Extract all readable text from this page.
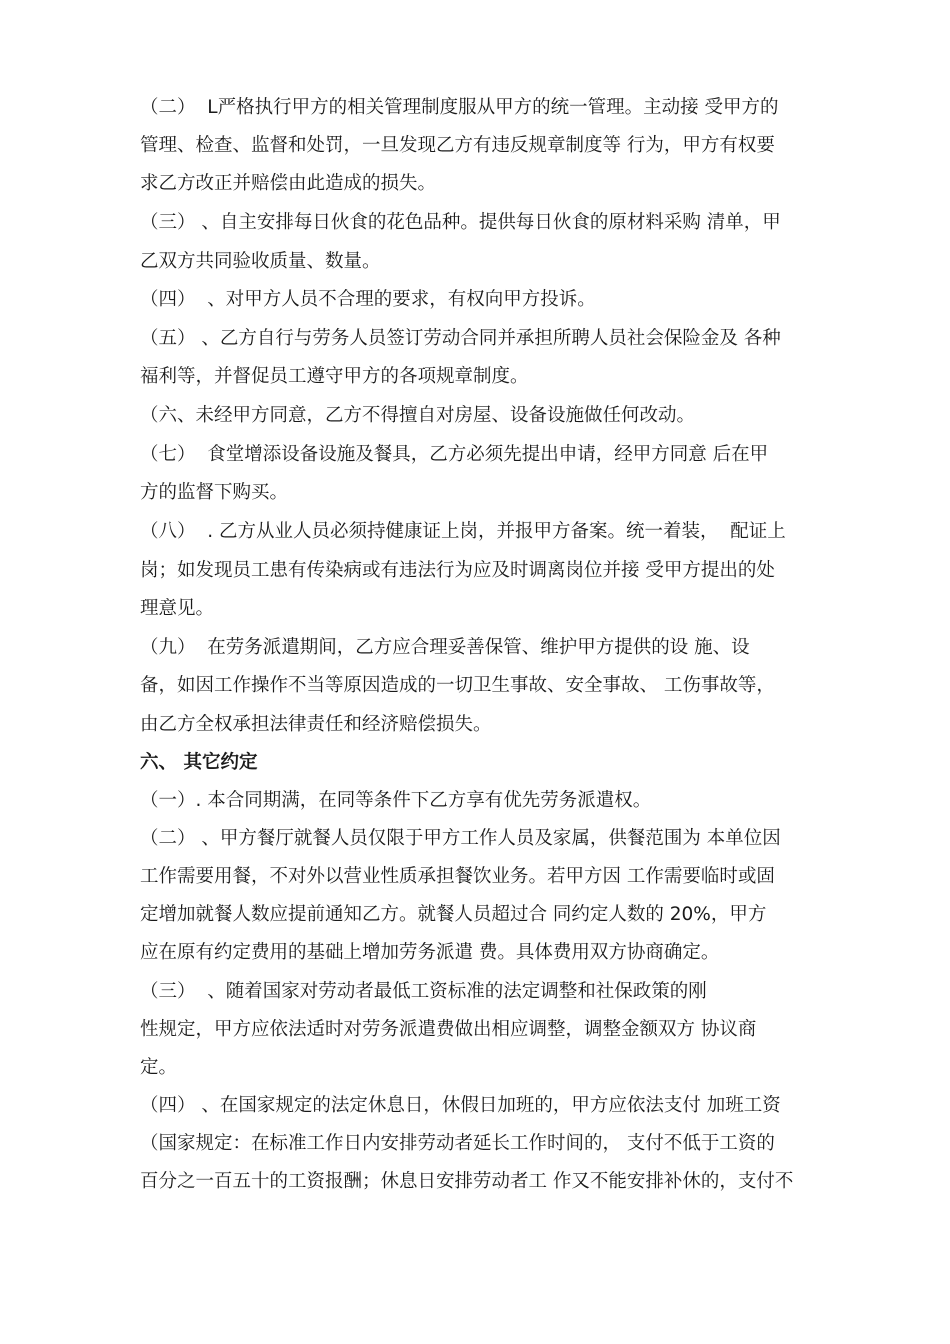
（二）  L严格执行甲方的相关管理制度服从甲方的统一管理。主动接 受甲方的
管理、检查、监督和处罚，一旦发现乙方有违反规章制度等 行为，甲方有权要
求乙方改正并赔偿由此造成的损失。
（三） 、自主安排每日伙食的花色品种。提供每日伙食的原材料采购 清单，甲
乙双方共同验收质量、数量。
（四）  、对甲方人员不合理的要求，有权向甲方投诉。
（五） 、乙方自行与劳务人员签订劳动合同并承担所聘人员社会保险金及 各种
福利等，并督促员工遵守甲方的各项规章制度。
（六、未经甲方同意，乙方不得擅自对房屋、设备设施做任何改动。
（七）  食堂增添设备设施及餐具，乙方必须先提出申请，经甲方同意 后在甲
方的监督下购买。
（八）  . 乙方从业人员必须持健康证上岗，并报甲方备案。统一着装，  配证上
岗；如发现员工患有传染病或有违法行为应及时调离岗位并接 受甲方提出的处
理意见。
（九）  在劳务派遣期间，乙方应合理妥善保管、维护甲方提供的设 施、设
备，如因工作操作不当等原因造成的一切卫生事故、安全事故、 工伤事故等，
由乙方全权承担法律责任和经济赔偿损失。
六、 其它约定
（一）. 本合同期满，在同等条件下乙方享有优先劳务派遣权。
（二） 、甲方餐厅就餐人员仅限于甲方工作人员及家属，供餐范围为 本单位因
工作需要用餐，不对外以营业性质承担餐饮业务。若甲方因 工作需要临时或固
定增加就餐人数应提前通知乙方。就餐人员超过合 同约定人数的 20%，甲方
应在原有约定费用的基础上增加劳务派遣 费。具体费用双方协商确定。
（三）  、随着国家对劳动者最低工资标准的法定调整和社保政策的刚
性规定，甲方应依法适时对劳务派遣费做出相应调整，调整金额双方 协议商
定。
（四） 、在国家规定的法定休息日，休假日加班的，甲方应依法支付 加班工资
（国家规定：在标准工作日内安排劳动者延长工作时间的， 支付不低于工资的
百分之一百五十的工资报酬；休息日安排劳动者工 作又不能安排补休的，支付不
